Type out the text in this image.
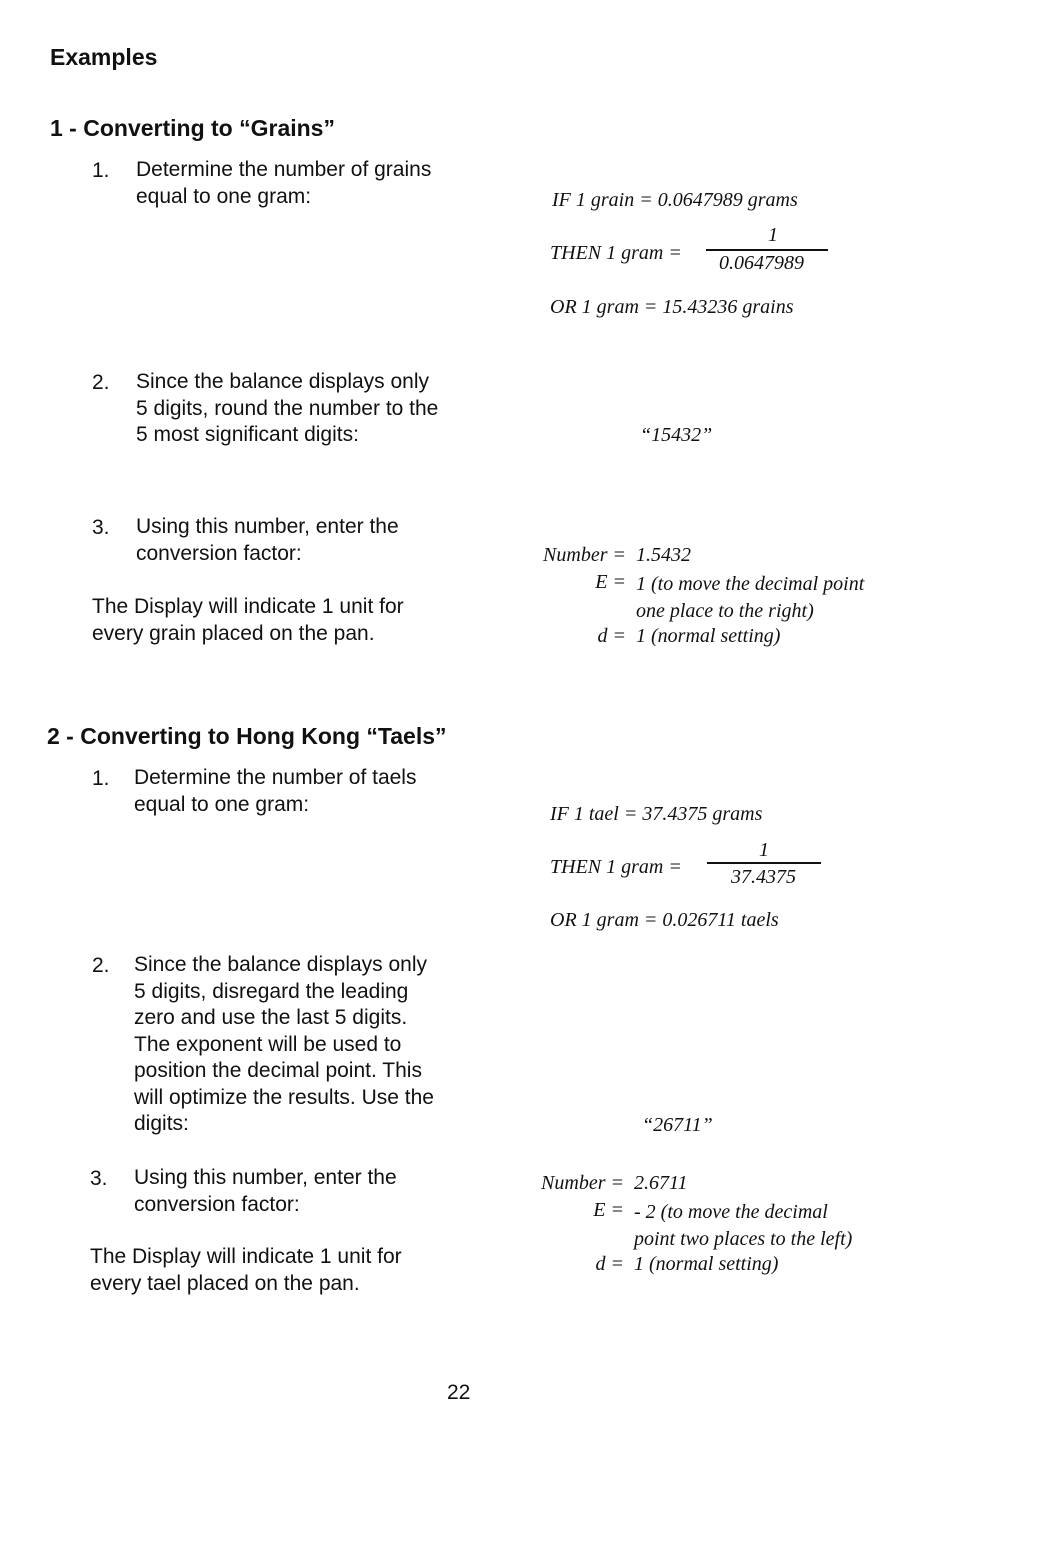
Examples
1 - Converting to “Grains”
1. Determine the number of grains
equal to one gram:	IF 1 grain = 0.0647989 grams
THEN 1 gram =
1
0.0647989
OR 1 gram = 15.43236 grains
2. Since the balance displays only
5 digits, round the number to the
5 most significant digits:	“15432”
3. Using this number, enter the
conversion factor:
The Display will indicate 1 unit for
every grain placed on the pan.
Number = 1.5432
E = 1 (to move the decimal point
one place to the right)
d = 1 (normal setting)
2 - Converting to Hong Kong “Taels”
1. Determine the number of taels
equal to one gram:	IF 1 tael = 37.4375 grams
THEN 1 gram =
1
37.4375
OR 1 gram = 0.026711 taels
2. Since the balance displays only
5 digits, disregard the leading
zero and use the last 5 digits.
The exponent will be used to
position the decimal point. This
will optimize the results. Use the
digits:	“26711”
3. Using this number, enter the
conversion factor:
The Display will indicate 1 unit for
every tael placed on the pan.
Number = 2.6711
E = - 2 (to move the decimal
point two places to the left)
d = 1 (normal setting)
22
